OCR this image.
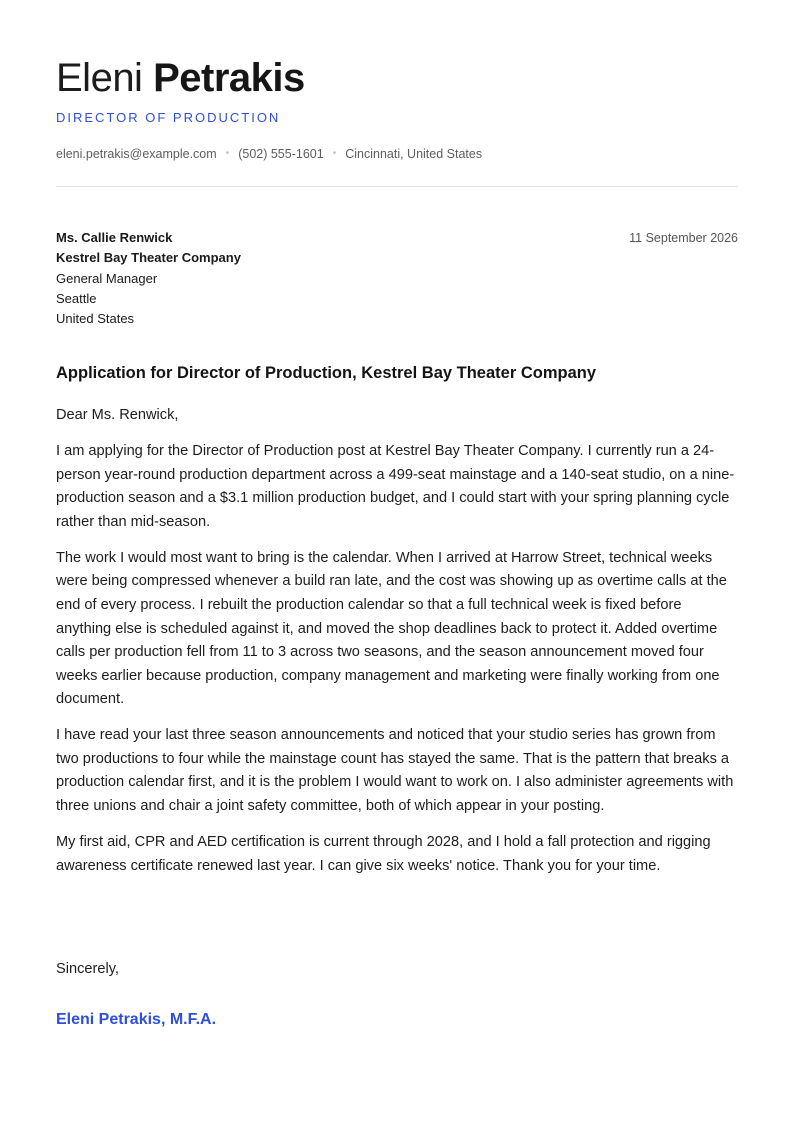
Eleni Petrakis
DIRECTOR OF PRODUCTION
eleni.petrakis@example.com • (502) 555-1601 • Cincinnati, United States
Ms. Callie Renwick
Kestrel Bay Theater Company
General Manager
Seattle
United States
11 September 2026
Application for Director of Production, Kestrel Bay Theater Company

Dear Ms. Renwick,

I am applying for the Director of Production post at Kestrel Bay Theater Company. I currently run a 24-person year-round production department across a 499-seat mainstage and a 140-seat studio, on a nine-production season and a $3.1 million production budget, and I could start with your spring planning cycle rather than mid-season.

The work I would most want to bring is the calendar. When I arrived at Harrow Street, technical weeks were being compressed whenever a build ran late, and the cost was showing up as overtime calls at the end of every process. I rebuilt the production calendar so that a full technical week is fixed before anything else is scheduled against it, and moved the shop deadlines back to protect it. Added overtime calls per production fell from 11 to 3 across two seasons, and the season announcement moved four weeks earlier because production, company management and marketing were finally working from one document.

I have read your last three season announcements and noticed that your studio series has grown from two productions to four while the mainstage count has stayed the same. That is the pattern that breaks a production calendar first, and it is the problem I would want to work on. I also administer agreements with three unions and chair a joint safety committee, both of which appear in your posting.

My first aid, CPR and AED certification is current through 2028, and I hold a fall protection and rigging awareness certificate renewed last year. I can give six weeks' notice. Thank you for your time.

Sincerely,
Eleni Petrakis, M.F.A.
